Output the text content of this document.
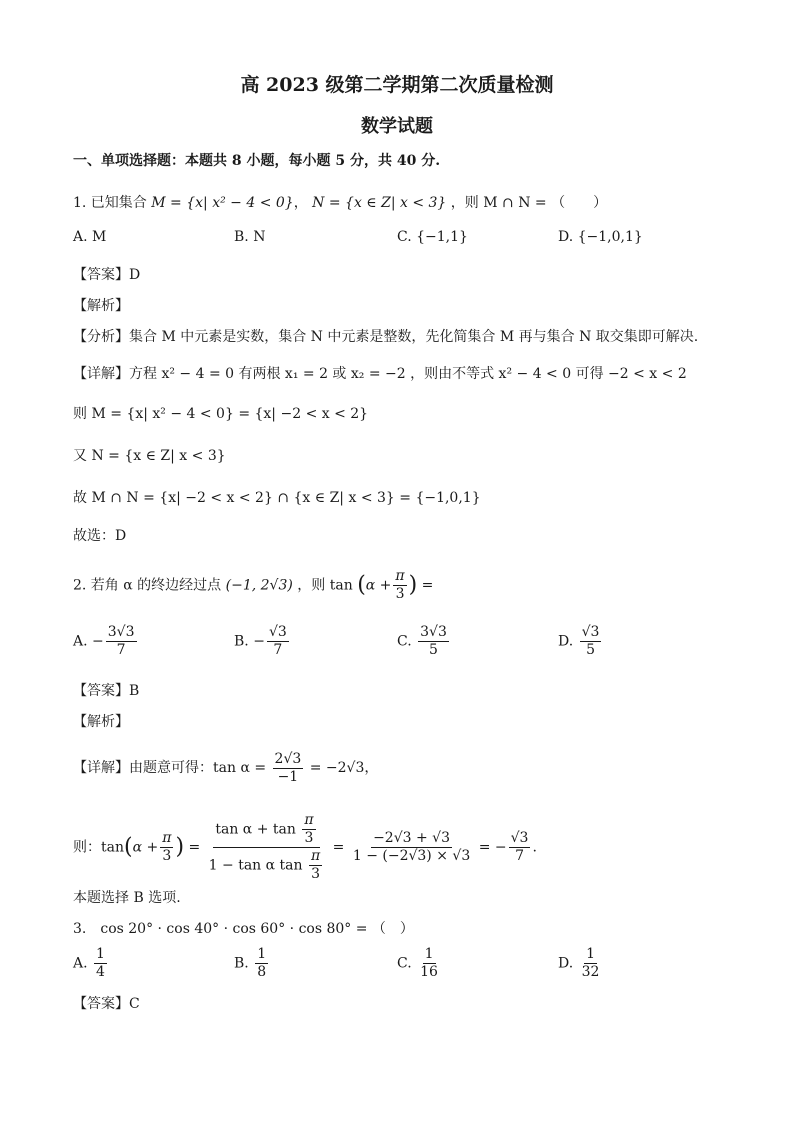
高 2023 级第二学期第二次质量检测
数学试题
一、单项选择题：本题共 8 小题，每小题 5 分，共 40 分.
1. 已知集合 M = {x| x² − 4 < 0}， N = {x ∈ Z| x < 3} ，则 M ∩ N = （　　）
A. M	B. N	C. {−1,1}	D. {−1,0,1}
【答案】D
【解析】
【分析】集合 M 中元素是实数，集合 N 中元素是整数，先化简集合 M 再与集合 N 取交集即可解决.
【详解】方程 x² − 4 = 0 有两根 x₁ = 2 或 x₂ = −2 ，则由不等式 x² − 4 < 0 可得 −2 < x < 2
则 M = {x| x² − 4 < 0} = {x| −2 < x < 2}
又 N = {x ∈ Z| x < 3}
故 M ∩ N = {x| −2 < x < 2} ∩ {x ∈ Z| x < 3} = {−1,0,1}
故选：D
2. 若角 α 的终边经过点 (−1, 2√3) ，则 $\tan (\alpha + \frac{\pi}{3}$ ) =
A. − $\frac{3√3}{7}$	B. − $\frac{√3}{7}$	C. $\frac{3√3}{5}$	D. $\frac{√3}{5}$
【答案】B
【解析】
【详解】由题意可得：$\tan \alpha = \frac{2√3}{-1} = -2√3$，
则：$\tan(\alpha + \frac{\pi}{3}$ ) = $\frac{\tan \alpha + \tan \frac{\pi}{3}}{1 - \tan \alpha \tan \frac{\pi}{3}} = \frac{-2√3 + √3}{1 - (-2√3) \times √3}$ = − $\frac{√3}{7}$ .
本题选择 B 选项.
3.　cos 20° · cos 40° · cos 60° · cos 80° = （　）
A. $\frac{1}{4}$	B. $\frac{1}{8}$	C. $\frac{1}{16}$	D. $\frac{1}{32}$
【答案】C
